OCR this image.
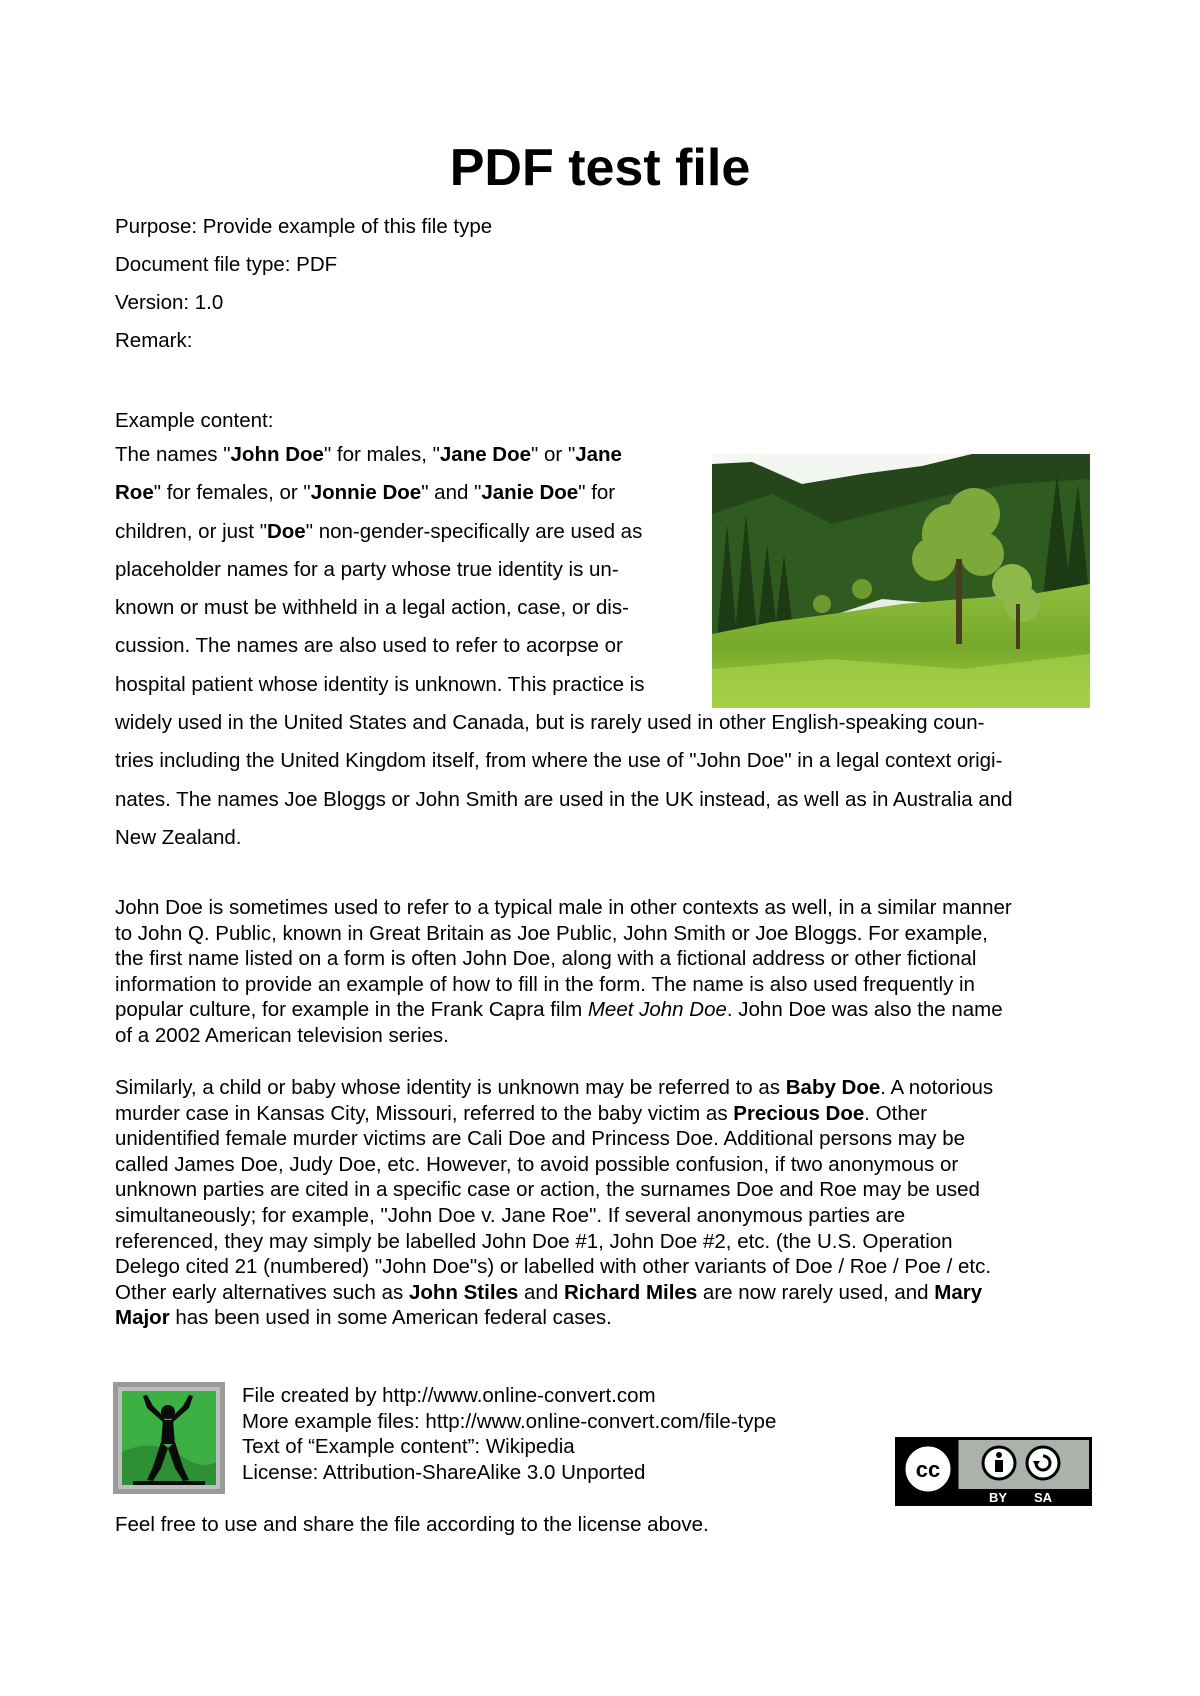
PDF test file
Purpose: Provide example of this file type
Document file type: PDF
Version: 1.0
Remark:
Example content:
The names "John Doe" for males, "Jane Doe" or "Jane
Roe" for females, or "Jonnie Doe" and "Janie Doe" for
children, or just "Doe" non-gender-specifically are used as
placeholder names for a party whose true identity is un-
known or must be withheld in a legal action, case, or dis-
cussion. The names are also used to refer to acorpse or
hospital patient whose identity is unknown. This practice is
widely used in the United States and Canada, but is rarely used in other English-speaking coun-
tries including the United Kingdom itself, from where the use of "John Doe" in a legal context origi-
nates. The names Joe Bloggs or John Smith are used in the UK instead, as well as in Australia and
New Zealand.
John Doe is sometimes used to refer to a typical male in other contexts as well, in a similar manner
to John Q. Public, known in Great Britain as Joe Public, John Smith or Joe Bloggs. For example,
the first name listed on a form is often John Doe, along with a fictional address or other fictional
information to provide an example of how to fill in the form. The name is also used frequently in
popular culture, for example in the Frank Capra film Meet John Doe. John Doe was also the name
of a 2002 American television series.
Similarly, a child or baby whose identity is unknown may be referred to as Baby Doe. A notorious
murder case in Kansas City, Missouri, referred to the baby victim as Precious Doe. Other
unidentified female murder victims are Cali Doe and Princess Doe. Additional persons may be
called James Doe, Judy Doe, etc. However, to avoid possible confusion, if two anonymous or
unknown parties are cited in a specific case or action, the surnames Doe and Roe may be used
simultaneously; for example, "John Doe v. Jane Roe". If several anonymous parties are
referenced, they may simply be labelled John Doe #1, John Doe #2, etc. (the U.S. Operation
Delego cited 21 (numbered) "John Doe"s) or labelled with other variants of Doe / Roe / Poe / etc.
Other early alternatives such as John Stiles and Richard Miles are now rarely used, and Mary
Major has been used in some American federal cases.
File created by http://www.online-convert.com
More example files: http://www.online-convert.com/file-type
Text of “Example content”: Wikipedia
License: Attribution-ShareAlike 3.0 Unported	cc
BY SA
Feel free to use and share the file according to the license above.
